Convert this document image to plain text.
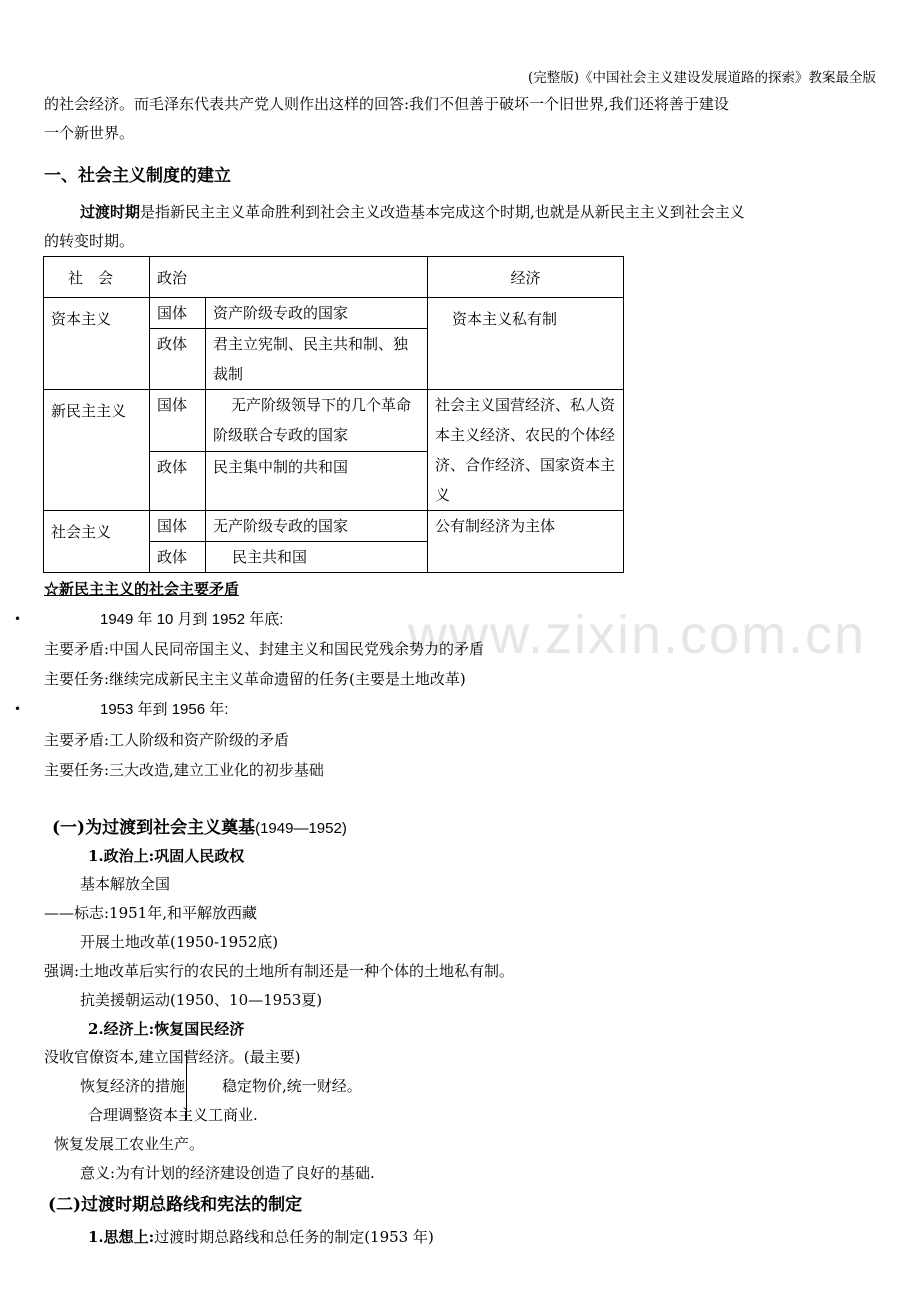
(完整版)《中国社会主义建设发展道路的探索》教案最全版
www.zixin.com.cn
的社会经济。而毛泽东代表共产党人则作出这样的回答:我们不但善于破坏一个旧世界,我们还将善于建设
一个新世界。
一、社会主义制度的建立
过渡时期是指新民主主义革命胜利到社会主义改造基本完成这个时期,也就是从新民主主义到社会主义
的转变时期。
社　会	政治		经济
资本主义	国体	资产阶级专政的国家	资本主义私有制
	政体	君主立宪制、民主共和制、独裁制	
新民主主义	国体	无产阶级领导下的几个革命阶级联合专政的国家	社会主义国营经济、私人资本主义经济、农民的个体经济、合作经济、国家资本主义
	政体	民主集中制的共和国	
社会主义	国体	无产阶级专政的国家	公有制经济为主体
	政体	民主共和国	
☆新民主主义的社会主要矛盾
•	1949 年 10 月到 1952 年底:
主要矛盾:中国人民同帝国主义、封建主义和国民党残余势力的矛盾
主要任务:继续完成新民主主义革命遗留的任务(主要是土地改革)
•	1953 年到 1956 年:
主要矛盾:工人阶级和资产阶级的矛盾
主要任务:三大改造,建立工业化的初步基础
(一)为过渡到社会主义奠基(1949—1952)
1.政治上:巩固人民政权
基本解放全国
——标志:1951年,和平解放西藏
开展土地改革(1950-1952底)
强调:土地改革后实行的农民的土地所有制还是一种个体的土地私有制。
抗美援朝运动(1950、10—1953夏)
2.经济上:恢复国民经济
没收官僚资本,建立国营经济。(最主要)
恢复经济的措施 稳定物价,统一财经。
合理调整资本主义工商业.
恢复发展工农业生产。
意义:为有计划的经济建设创造了良好的基础.
(二)过渡时期总路线和宪法的制定
1.思想上:过渡时期总路线和总任务的制定(1953 年)
